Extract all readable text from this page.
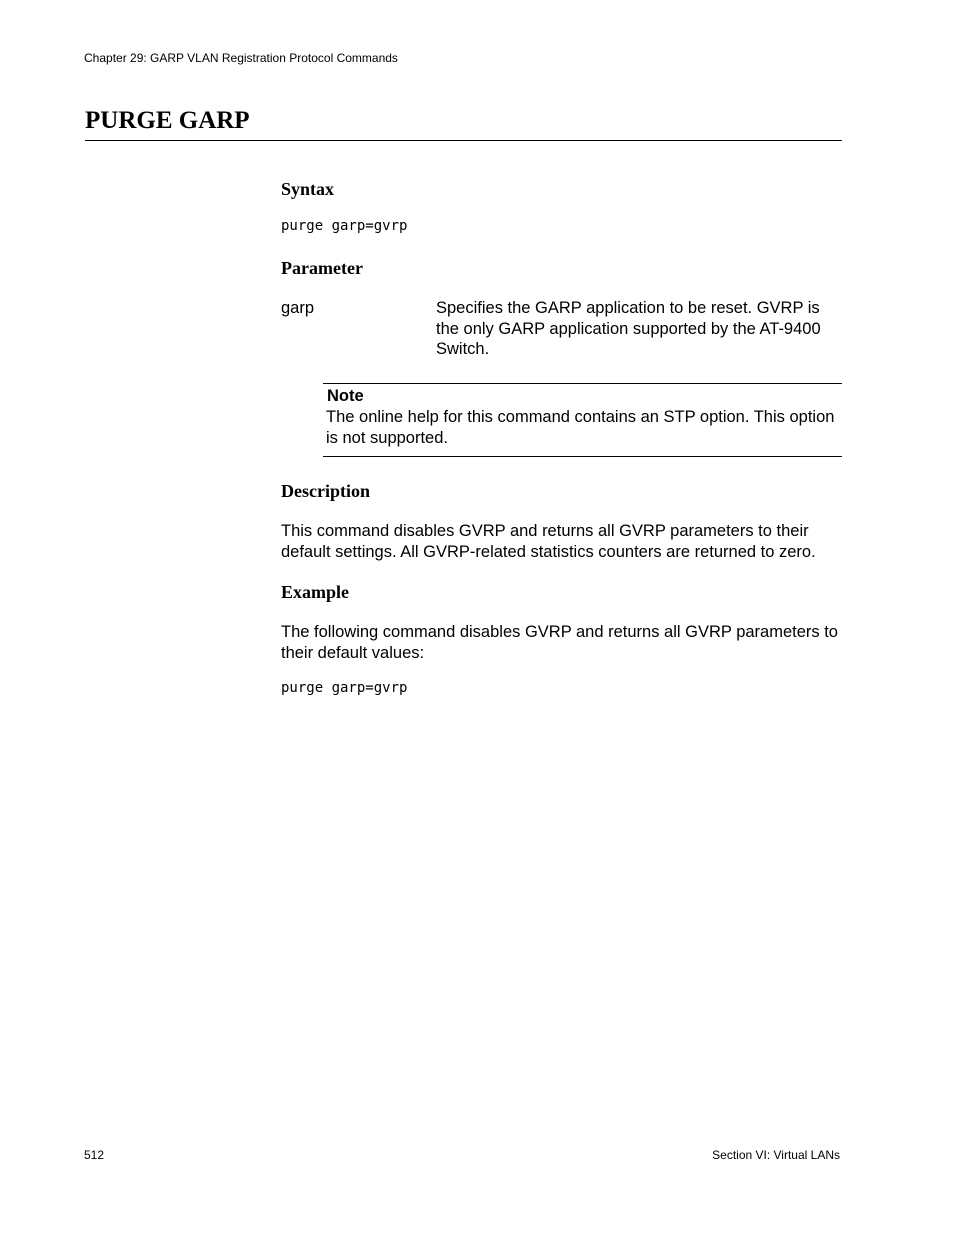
Chapter 29: GARP VLAN Registration Protocol Commands
PURGE GARP
Syntax
purge garp=gvrp
Parameter
garp	Specifies the GARP application to be reset. GVRP is the only GARP application supported by the AT-9400 Switch.
Note
The online help for this command contains an STP option. This option is not supported.
Description
This command disables GVRP and returns all GVRP parameters to their default settings. All GVRP-related statistics counters are returned to zero.
Example
The following command disables GVRP and returns all GVRP parameters to their default values:
purge garp=gvrp
512	Section VI: Virtual LANs
